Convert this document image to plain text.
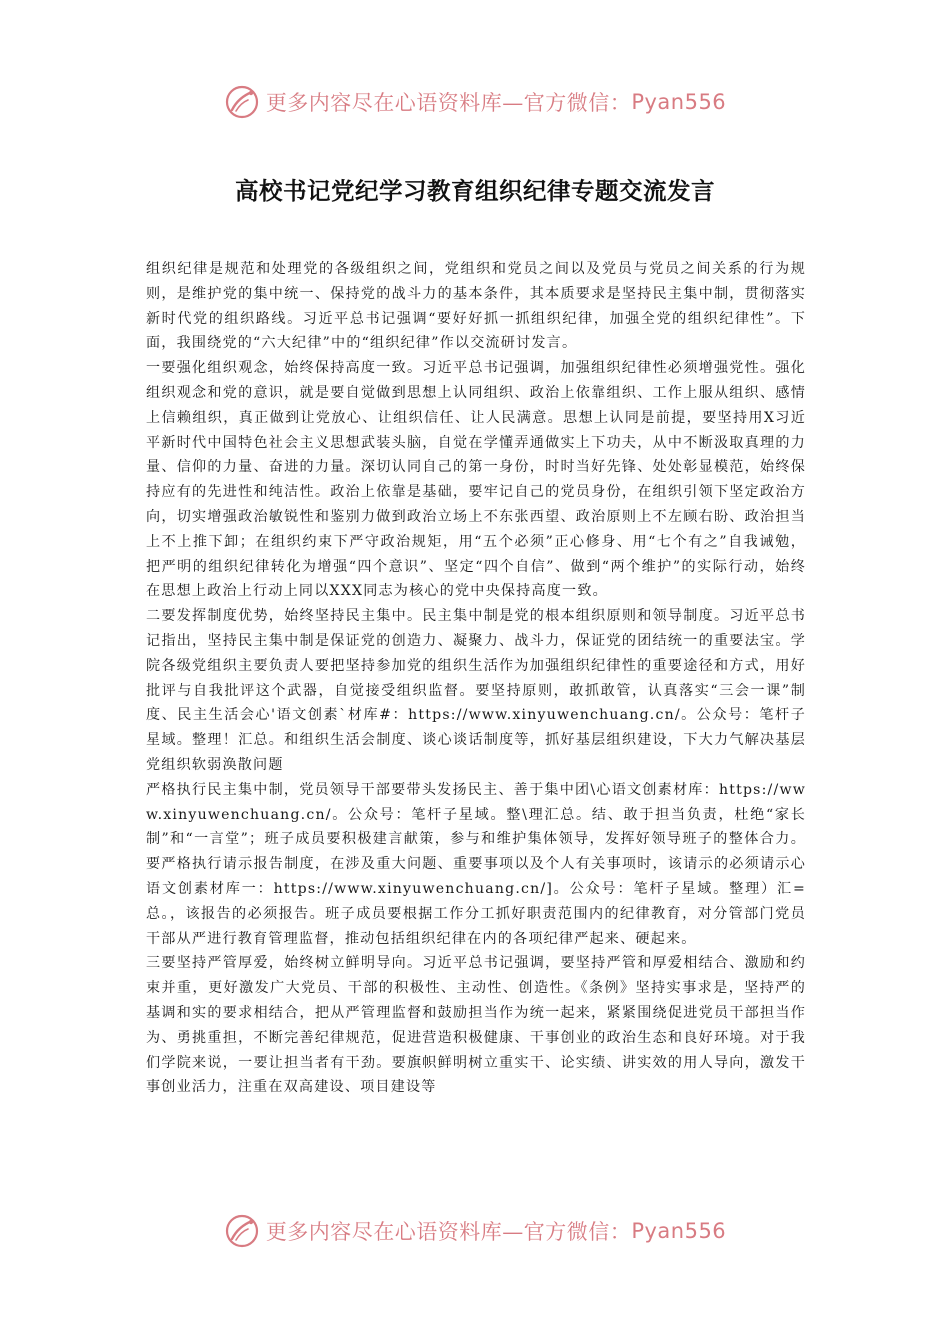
更多内容尽在心语资料库—官方微信： Pyan556
高校书记党纪学习教育组织纪律专题交流发言

组织纪律是规范和处理党的各级组织之间，党组织和党员之间以及党员与党员之间关系的行为规则，是维护党的集中统一、保持党的战斗力的基本条件，其本质要求是坚持民主集中制，贯彻落实新时代党的组织路线。习近平总书记强调“要好好抓一抓组织纪律，加强全党的组织纪律性”。下面，我围绕党的“六大纪律”中的“组织纪律”作以交流研讨发言。

一要强化组织观念，始终保持高度一致。习近平总书记强调，加强组织纪律性必须增强党性。强化组织观念和党的意识，就是要自觉做到思想上认同组织、政治上依靠组织、工作上服从组织、感情上信赖组织，真正做到让党放心、让组织信任、让人民满意。思想上认同是前提，要坚持用X习近平新时代中国特色社会主义思想武装头脑，自觉在学懂弄通做实上下功夫，从中不断汲取真理的力量、信仰的力量、奋进的力量。深切认同自己的第一身份，时时当好先锋、处处彰显模范，始终保持应有的先进性和纯洁性。政治上依靠是基础，要牢记自己的党员身份，在组织引领下坚定政治方向，切实增强政治敏锐性和鉴别力做到政治立场上不东张西望、政治原则上不左顾右盼、政治担当上不上推下卸；在组织约束下严守政治规矩，用“五个必须”正心修身、用“七个有之”自我诫勉，把严明的组织纪律转化为增强“四个意识”、坚定“四个自信”、做到“两个维护”的实际行动，始终在思想上政治上行动上同以XXX同志为核心的党中央保持高度一致。

二要发挥制度优势，始终坚持民主集中。民主集中制是党的根本组织原则和领导制度。习近平总书记指出，坚持民主集中制是保证党的创造力、凝聚力、战斗力，保证党的团结统一的重要法宝。学院各级党组织主要负责人要把坚持参加党的组织生活作为加强组织纪律性的重要途径和方式，用好批评与自我批评这个武器，自觉接受组织监督。要坚持原则，敢抓敢管，认真落实“三会一课”制度、民主生活会心'语文创素`材库#：https://www.xinyuwenchuang.cn/。公众号：笔杆子星域。整理！汇总。和组织生活会制度、谈心谈话制度等，抓好基层组织建设，下大力气解决基层党组织软弱涣散问题

严格执行民主集中制，党员领导干部要带头发扬民主、善于集中团\心语文创素材库：https://www.xinyuwenchuang.cn/。公众号：笔杆子星域。整\理汇总。结、敢于担当负责，杜绝“家长制”和“一言堂”；班子成员要积极建言献策，参与和维护集体领导，发挥好领导班子的整体合力。要严格执行请示报告制度，在涉及重大问题、重要事项以及个人有关事项时，该请示的必须请示心语文创素材库一：https://www.xinyuwenchuang.cn/]。公众号：笔杆子星域。整理）汇=总。，该报告的必须报告。班子成员要根据工作分工抓好职责范围内的纪律教育，对分管部门党员干部从严进行教育管理监督，推动包括组织纪律在内的各项纪律严起来、硬起来。

三要坚持严管厚爱，始终树立鲜明导向。习近平总书记强调，要坚持严管和厚爱相结合、激励和约束并重，更好激发广大党员、干部的积极性、主动性、创造性。《条例》坚持实事求是，坚持严的基调和实的要求相结合，把从严管理监督和鼓励担当作为统一起来，紧紧围绕促进党员干部担当作为、勇挑重担，不断完善纪律规范，促进营造积极健康、干事创业的政治生态和良好环境。对于我们学院来说，一要让担当者有干劲。要旗帜鲜明树立重实干、论实绩、讲实效的用人导向，激发干事创业活力，注重在双高建设、项目建设等

更多内容尽在心语资料库—官方微信： Pyan556
